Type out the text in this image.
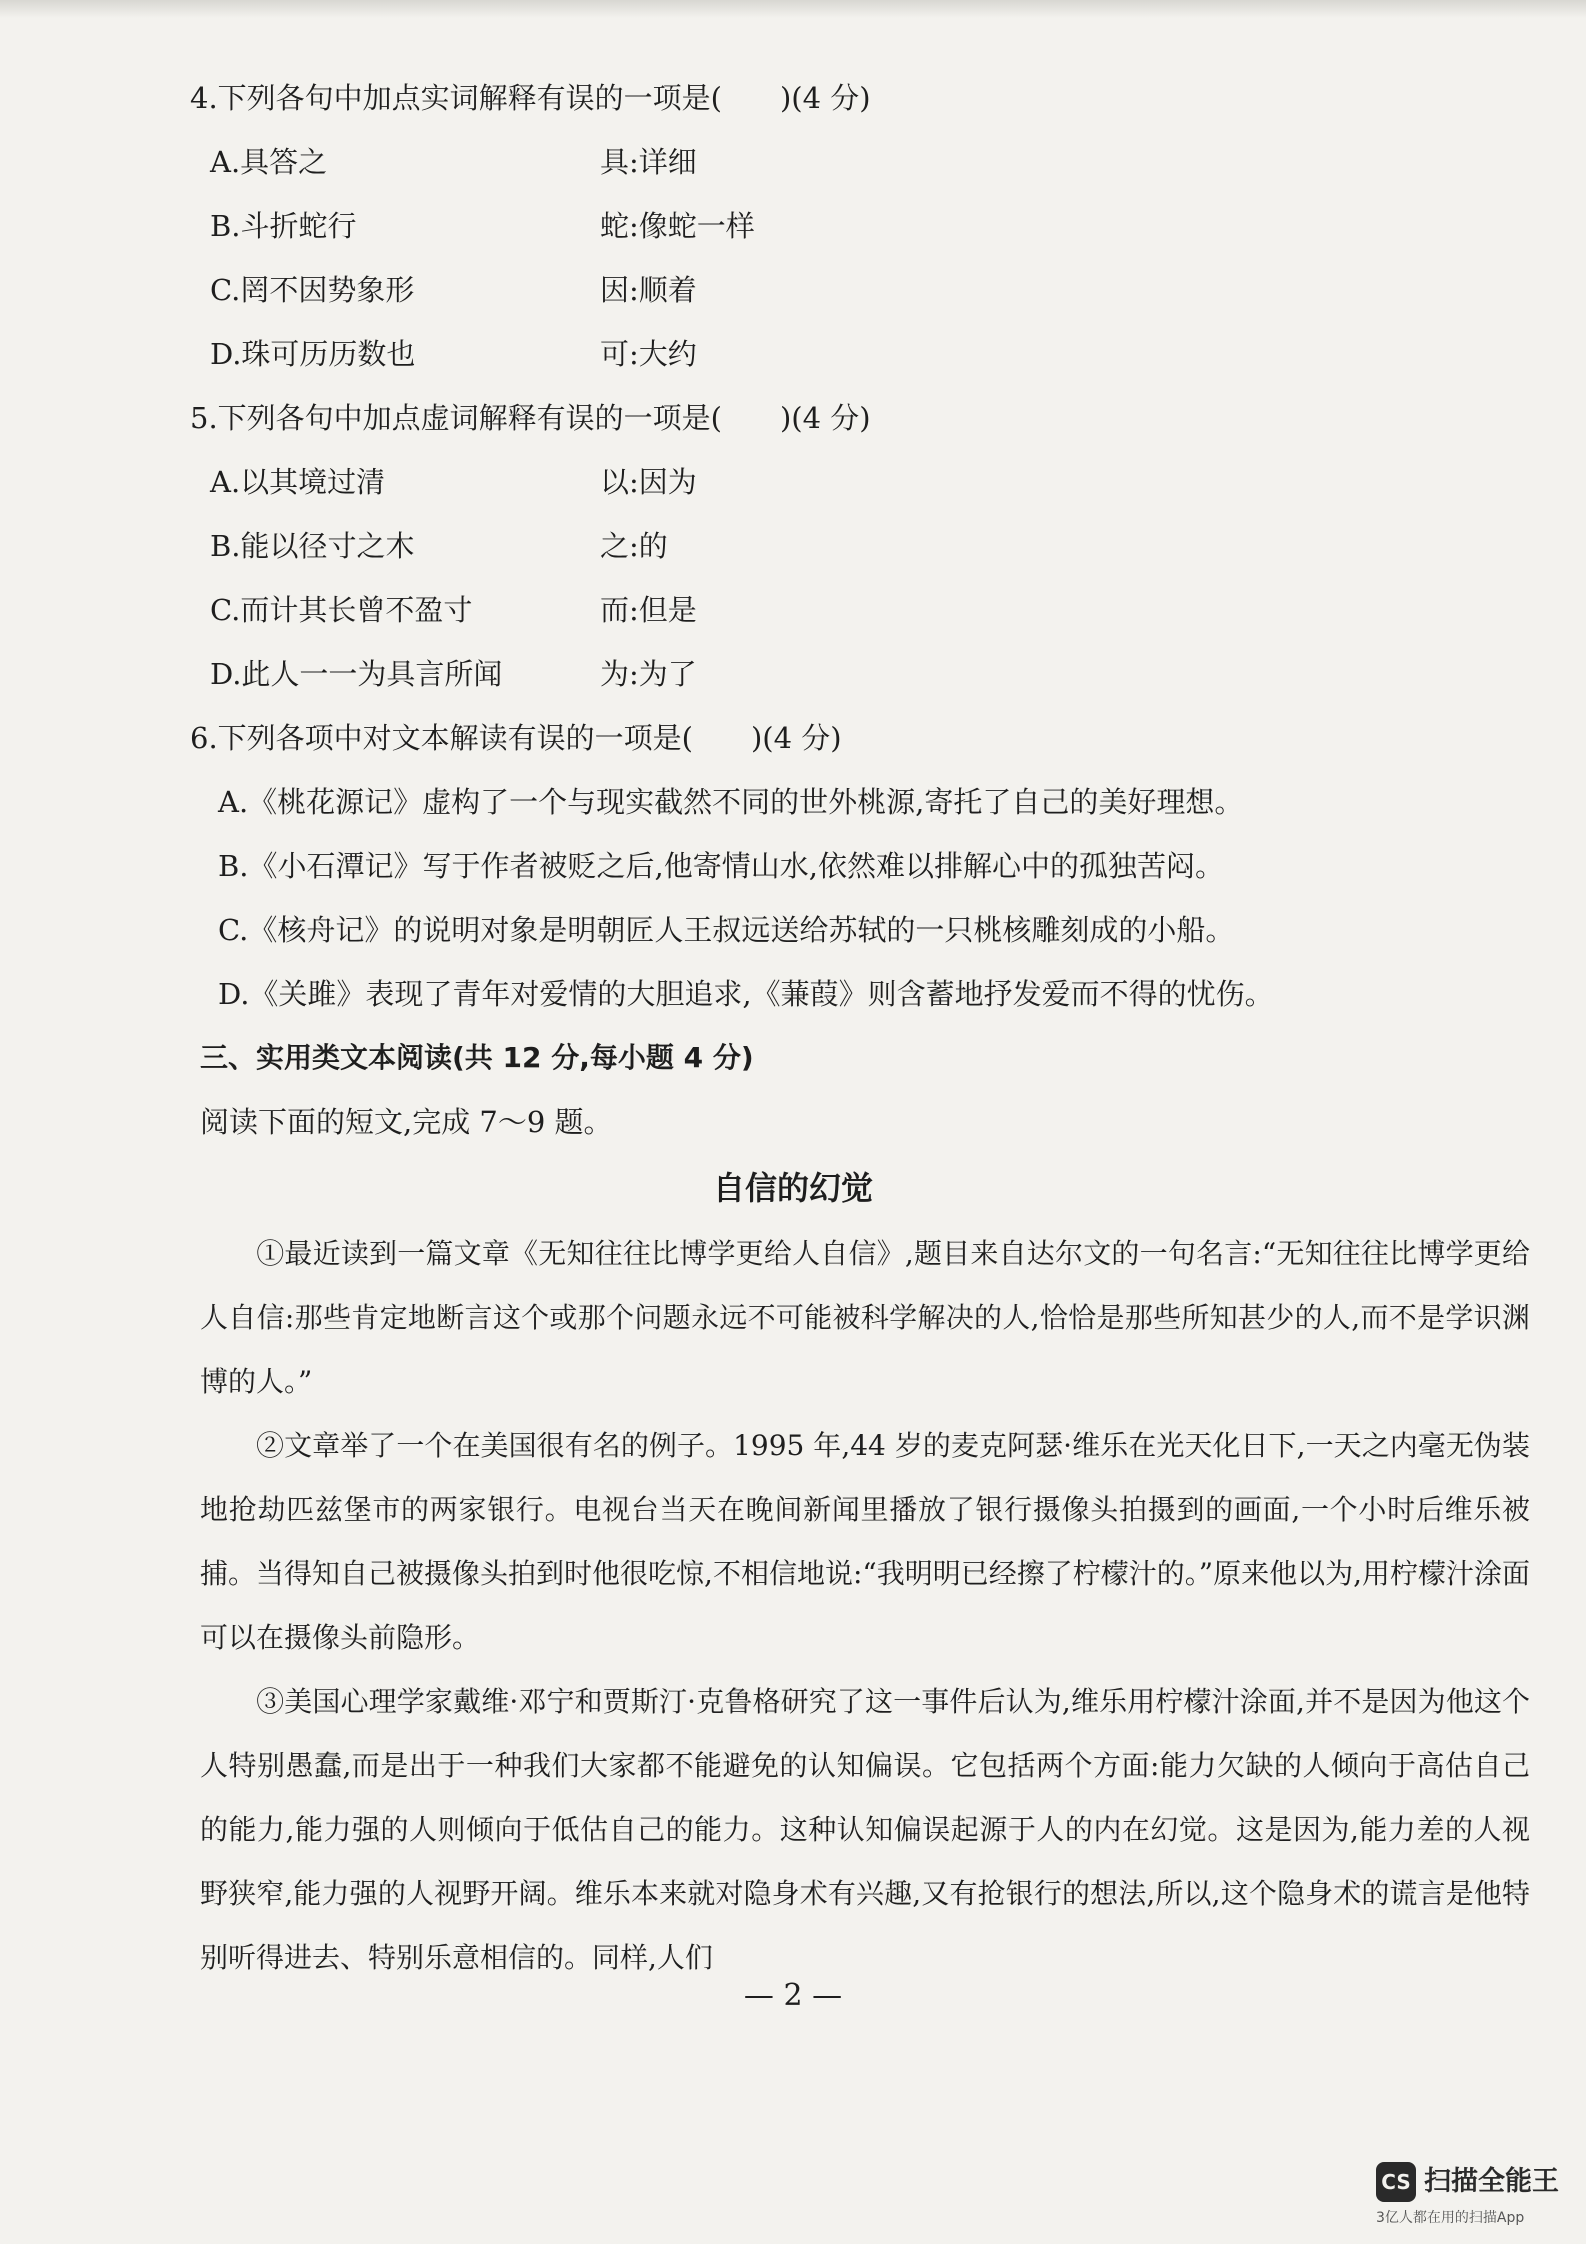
4.下列各句中加点实词解释有误的一项是(　　)(4 分)
A.具答之	具:详细
B.斗折蛇行	蛇:像蛇一样
C.罔不因势象形	因:顺着
D.珠可历历数也	可:大约
5.下列各句中加点虚词解释有误的一项是(　　)(4 分)
A.以其境过清	以:因为
B.能以径寸之木	之:的
C.而计其长曾不盈寸	而:但是
D.此人一一为具言所闻	为:为了
6.下列各项中对文本解读有误的一项是(　　)(4 分)
A.《桃花源记》虚构了一个与现实截然不同的世外桃源,寄托了自己的美好理想。
B.《小石潭记》写于作者被贬之后,他寄情山水,依然难以排解心中的孤独苦闷。
C.《核舟记》的说明对象是明朝匠人王叔远送给苏轼的一只桃核雕刻成的小船。
D.《关雎》表现了青年对爱情的大胆追求,《蒹葭》则含蓄地抒发爱而不得的忧伤。
三、实用类文本阅读(共 12 分,每小题 4 分)
阅读下面的短文,完成 7～9 题。
自信的幻觉
①最近读到一篇文章《无知往往比博学更给人自信》,题目来自达尔文的一句名言:“无知往往比博学更给人自信:那些肯定地断言这个或那个问题永远不可能被科学解决的人,恰恰是那些所知甚少的人,而不是学识渊博的人。”
②文章举了一个在美国很有名的例子。1995 年,44 岁的麦克阿瑟·维乐在光天化日下,一天之内毫无伪装地抢劫匹兹堡市的两家银行。电视台当天在晚间新闻里播放了银行摄像头拍摄到的画面,一个小时后维乐被捕。当得知自己被摄像头拍到时他很吃惊,不相信地说:“我明明已经擦了柠檬汁的。”原来他以为,用柠檬汁涂面可以在摄像头前隐形。
③美国心理学家戴维·邓宁和贾斯汀·克鲁格研究了这一事件后认为,维乐用柠檬汁涂面,并不是因为他这个人特别愚蠢,而是出于一种我们大家都不能避免的认知偏误。它包括两个方面:能力欠缺的人倾向于高估自己的能力,能力强的人则倾向于低估自己的能力。这种认知偏误起源于人的内在幻觉。这是因为,能力差的人视野狭窄,能力强的人视野开阔。维乐本来就对隐身术有兴趣,又有抢银行的想法,所以,这个隐身术的谎言是他特别听得进去、特别乐意相信的。同样,人们
— 2 —
CS 扫描全能王
3亿人都在用的扫描App
